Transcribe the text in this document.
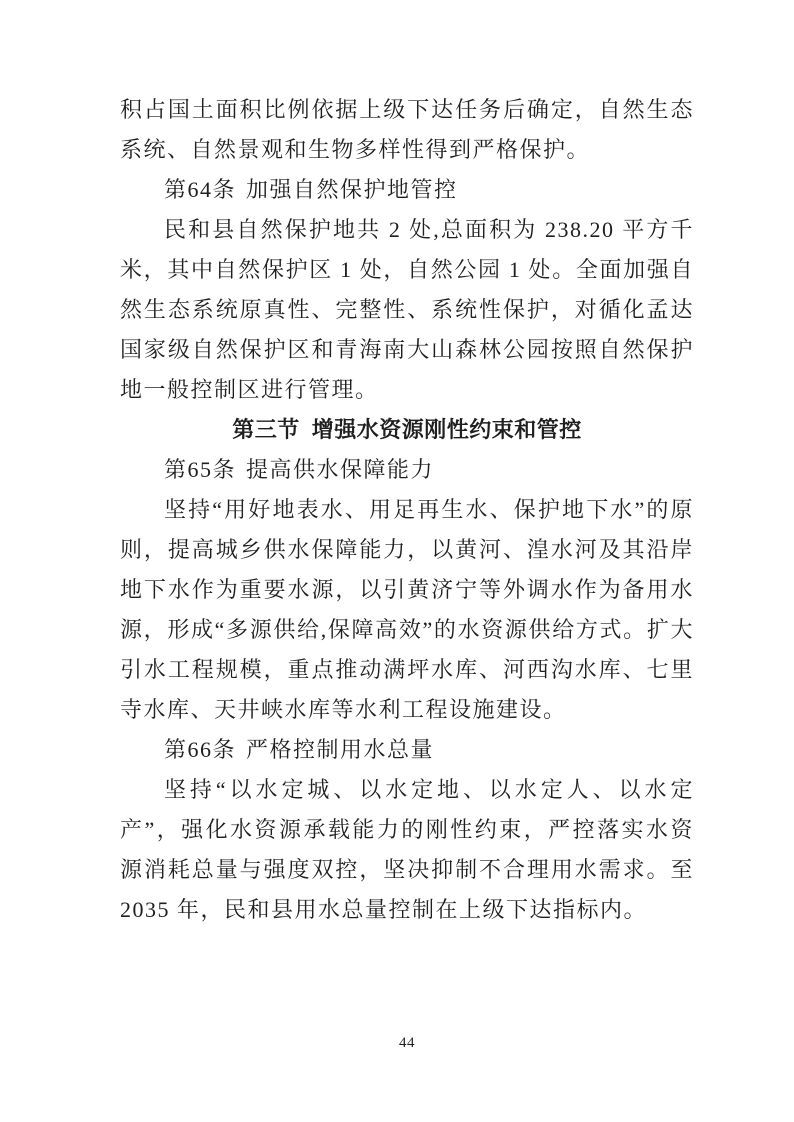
积占国土面积比例依据上级下达任务后确定，自然生态系统、自然景观和生物多样性得到严格保护。

第64条 加强自然保护地管控

民和县自然保护地共 2 处,总面积为 238.20 平方千米，其中自然保护区 1 处，自然公园 1 处。全面加强自然生态系统原真性、完整性、系统性保护，对循化孟达国家级自然保护区和青海南大山森林公园按照自然保护地一般控制区进行管理。

第三节 增强水资源刚性约束和管控

第65条 提高供水保障能力

坚持“用好地表水、用足再生水、保护地下水”的原则，提高城乡供水保障能力，以黄河、湟水河及其沿岸地下水作为重要水源，以引黄济宁等外调水作为备用水源，形成“多源供给,保障高效”的水资源供给方式。扩大引水工程规模，重点推动满坪水库、河西沟水库、七里寺水库、天井峡水库等水利工程设施建设。

第66条 严格控制用水总量

坚持“以水定城、以水定地、以水定人、以水定产”，强化水资源承载能力的刚性约束，严控落实水资源消耗总量与强度双控，坚决抑制不合理用水需求。至 2035 年，民和县用水总量控制在上级下达指标内。

44
